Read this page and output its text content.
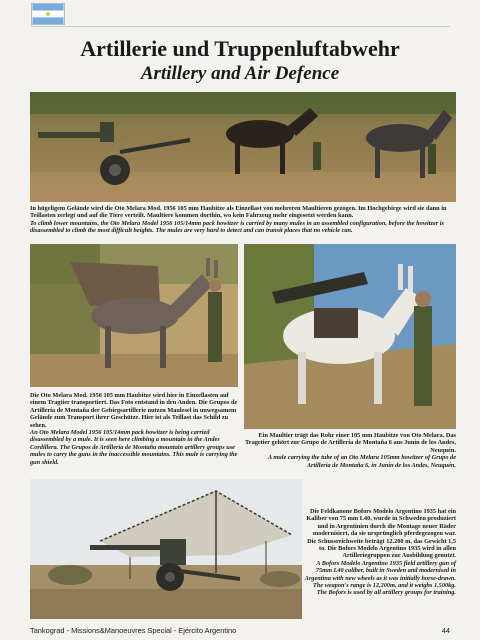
Artillerie und Truppenluftabwehr
Artillery and Air Defence

In hügeligem Gelände wird die Oto Melara Mod. 1956 105 mm Haubitze als Einzellast von mehreren Maultieren gezogen. Im Hochgebirge wird sie dann in Teillasten zerlegt und auf die Tiere verteilt. Maultiere kommen dorthin, wo kein Fahrzeug mehr eingesetzt werden kann.
To climb lower mountains, the Oto Melara Model 1956 105/14mm pack howitzer is carried by many mules in an assembled configuration, before the howitzer is disassembled to climb the most difficult heights. The mules are very hard to detect and can transit places that no vehicle can.

Die Oto Melara Mod. 1956 105 mm Haubitze wird hier in Einzellasten auf einem Tragtier transportiert. Das Foto entstand in den Anden. Die Grupos de Artillería de Montaña der Gebirgsartillerie nutzen Maulesel in unwegsamem Gelände zum Transport ihrer Geschütze. Hier ist als Teillast das Schild zu sehen.
An Oto Melara Model 1956 105/14mm pack howitzer is being carried disassembled by a mule. It is seen here climbing a mountain in the Andes Cordillera. The Grupos de Artillería de Montaña mountain artillery groups use mules to carry the guns in the inaccessible mountains. This mule is carrying the gun shield.

Ein Maultier trägt das Rohr einer 105 mm Haubitze von Oto Melara. Das Tragetier gehört zur Grupo de Artillería de Montaña 6 aus Junín de los Andes, Neuquén.
A mule carrying the tube of an Oto Melara 105mm howitzer of Grupo de Artillería de Montaña 6, in Junín de los Andes, Neuquén.

Die Feldkanone Bofors Modelo Argentino 1935 hat ein Kaliber von 75 mm L40, wurde in Schweden produziert und in Argentinien durch die Montage neuer Räder modernisiert, da sie ursprünglich pferdegezogen war. Die Schussreichweite beträgt 12.200 m, das Gewicht 1,5 to. Die Bofors Modelo Argentino 1935 wird in allen Artilleriegruppen zur Ausbildung genutzt.
A Bofors Modelo Argentino 1935 field artillery gun of 75mm L40 caliber, built in Sweden and modernised in Argentina with new wheels as it was initially horse-drawn. The weapon's range is 12,200m, and it weighs 1,500kg. The Bofors is used by all artillery groups for training.

Tankograd - Missions&Manoeuvres Special - Ejército Argentino	44
